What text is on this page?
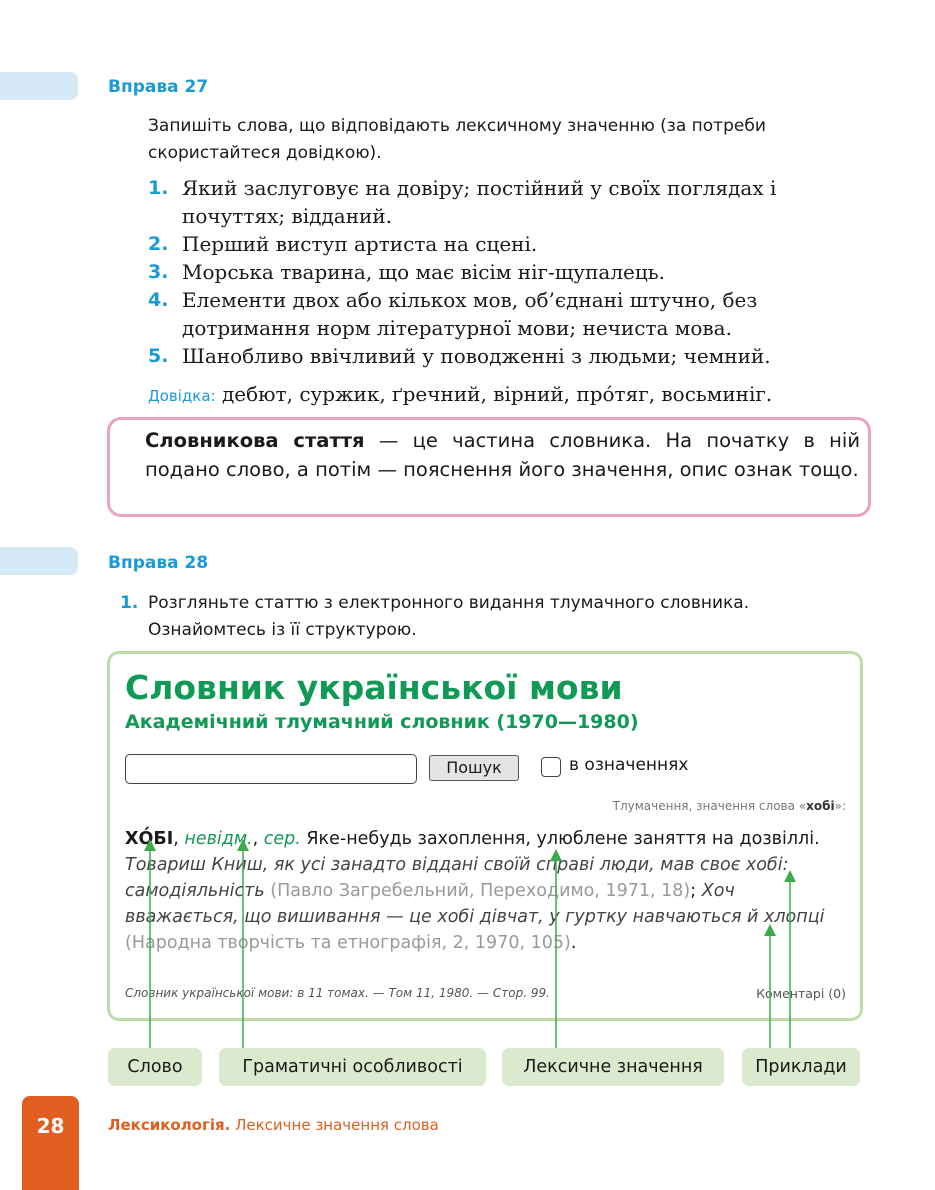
Вправа 27
Запишіть слова, що відповідають лексичному значенню (за потреби скористайтеся довідкою).
1. Який заслуговує на довіру; постійний у своїх поглядах і почуттях; відданий.
2. Перший виступ артиста на сцені.
3. Морська тварина, що має вісім ніг-щупалець.
4. Елементи двох або кількох мов, об’єднані штучно, без дотримання норм літературної мови; нечиста мова.
5. Шанобливо ввічливий у поводженні з людьми; чемний.
Довідка: дебют, суржик, ґречний, вірний, про́тяг, восьминіг.
Словникова стаття — це частина словника. На початку в ній подано слово, а потім — пояснення його значення, опис ознак тощо.
Вправа 28
1. Розгляньте статтю з електронного видання тлумачного словника. Ознайомтесь із її структурою.
Словник української мови
Академічний тлумачний словник (1970—1980)
Пошук	в означеннях
Тлумачення, значення слова «хобі»:
ХО́БІ, невідм., сер. Яке-небудь захоплення, улюблене заняття на дозвіллі. Товариш Книш, як усі занадто віддані своїй справі люди, мав своє хобі: самодіяльність (Павло Загребельний, Переходимо, 1971, 18); Хоч вважається, що вишивання — це хобі дівчат, у гуртку навчаються й хлопці (Народна творчість та етнографія, 2, 1970, 105).
Словник української мови: в 11 томах. — Том 11, 1980. — Стор. 99.	Коментарі (0)
Слово	Граматичні особливості	Лексичне значення	Приклади
28	Лексикологія. Лексичне значення слова
